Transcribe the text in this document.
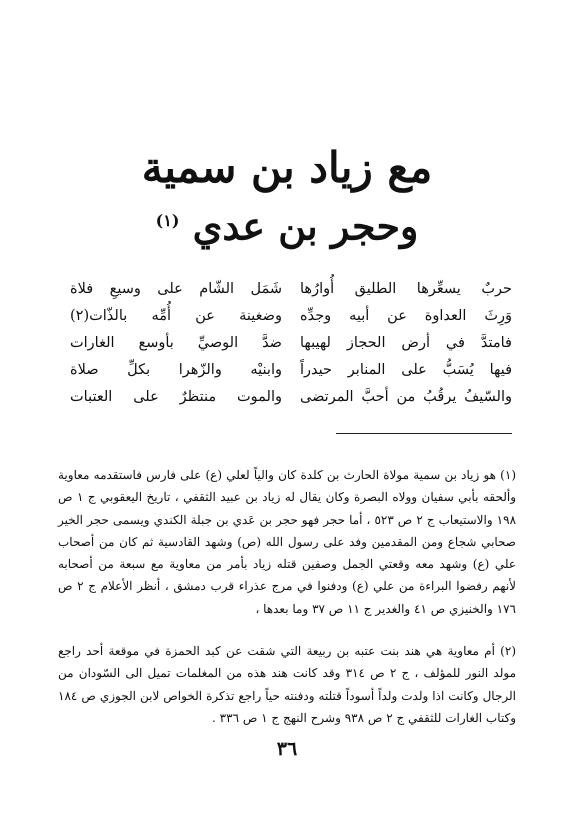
مع زياد بن سمية
وحجر بن عدي $^{(١)}$
حربٌ يسعِّرها الطليق أُوارُها
شَمَل الشّام على وسيعِ فلاة
وَرِثَ العداوة عن أبيه وجدِّه
وضغينة عن أُمِّه بالذّات(٢)
فامتدَّ في أرض الحجاز لهيبها
ضدَّ الوصيِّ بأوسع الغارات
فيها يُسَبُّ على المنابر حيدراً
وابنيْه والزّهرا بكلِّ صلاة
والسّيفُ يرقُبُ من أحبَّ المرتضى
والموت منتظرٌ على العتبات

(١) هو زياد بن سمية مولاة الحارث بن كلدة كان والياً لعلي (ع) على فارس فاستقدمه معاوية وألحقه بأبي سفيان وولاه البصرة وكان يقال له زياد بن عبيد الثقفي ، تاريخ اليعقوبي ج ١ ص ١٩٨ والاستيعاب ج ٢ ص ٥٢٣ ، أما حجر فهو حجر بن عَدي بن جبلة الكندي ويسمى حجر الخير صحابي شجاع ومن المقدمين وفد على رسول الله (ص) وشهد القادسية ثم كان من أصحاب علي (ع) وشهد معه وقعتي الجمل وصفين قتله زياد بأمر من معاوية مع سبعة من أصحابه لأنهم رفضوا البراءة من علي (ع) ودفنوا في مرج عذراء قرب دمشق ، أنظر الأعلام ج ٢ ص ١٧٦ والخنيزي ص ٤١ والغدير ج ١١ ص ٣٧ وما بعدها ،

(٢) أم معاوية هي هند بنت عتبه بن ربيعة التي شقت عن كبد الحمزة في موقعة أحد راجع مولد النور للمؤلف ، ج ٢ ص ٣١٤ وقد كانت هند هذه من المغلمات تميل الى السّودان من الرجال وكانت اذا ولدت ولداً أسوداً قتلته ودفنته حياً راجع تذكرة الخواص لابن الجوزي ص ١٨٤ وكتاب الغارات للثقفي ج ٢ ص ٩٣٨ وشرح النهج ج ١ ص ٣٣٦ .

٣٦
